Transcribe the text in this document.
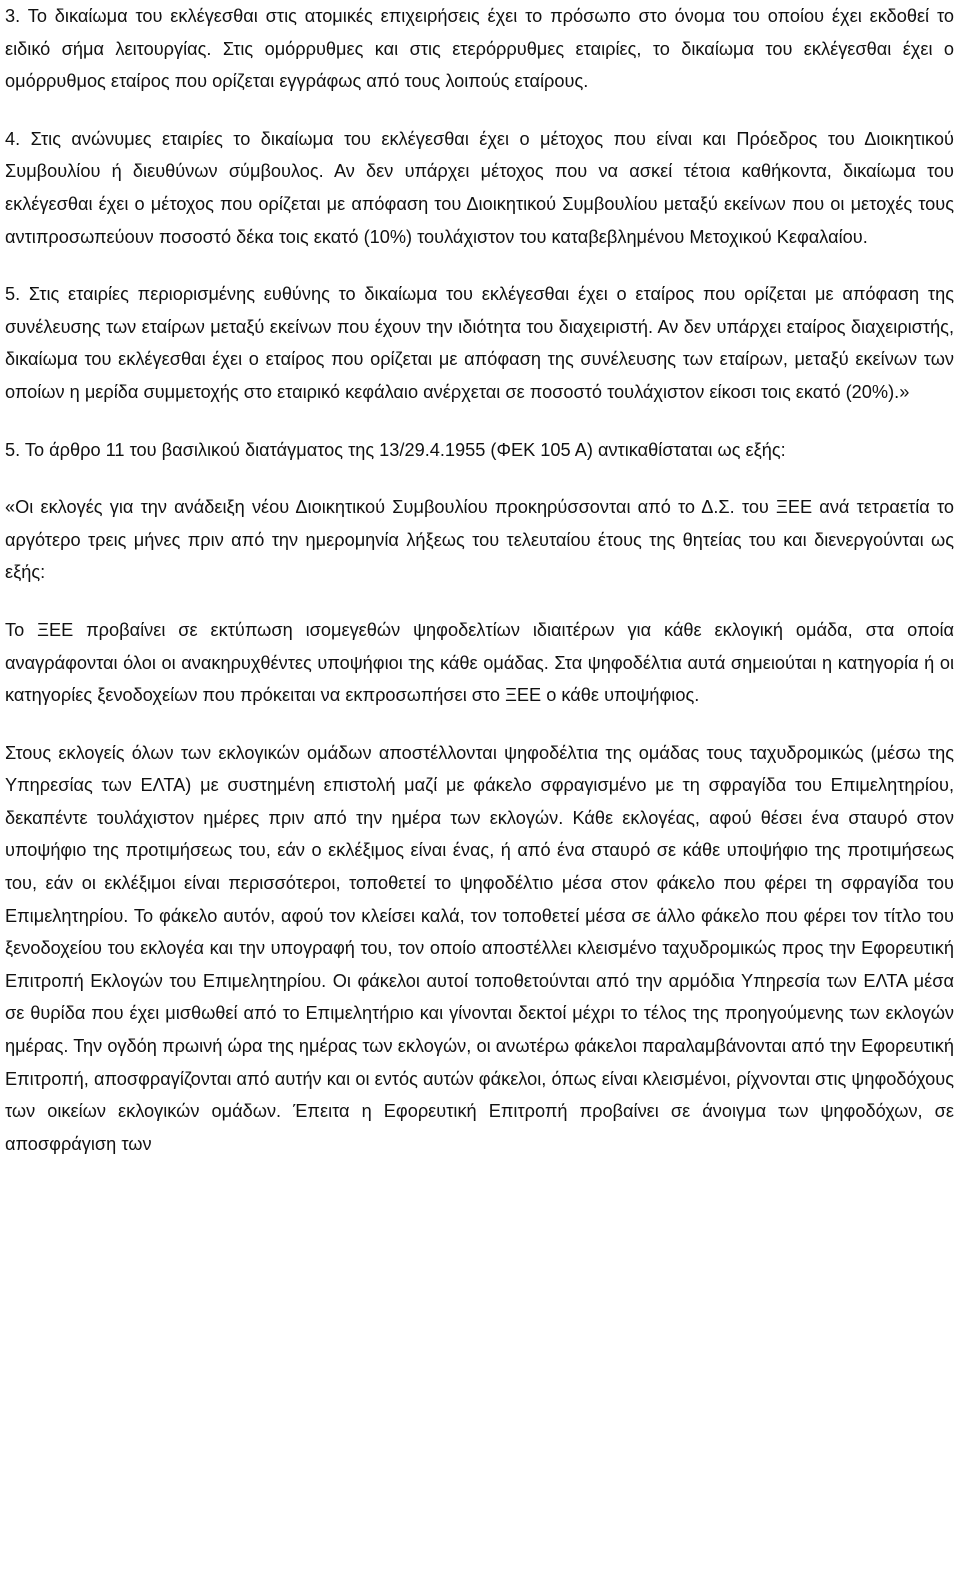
3. Το δικαίωμα του εκλέγεσθαι στις ατομικές επιχειρήσεις έχει το πρόσωπο στο όνομα του οποίου έχει εκδοθεί το ειδικό σήμα λειτουργίας. Στις ομόρρυθμες και στις ετερόρρυθμες εταιρίες, το δικαίωμα του εκλέγεσθαι έχει ο ομόρρυθμος εταίρος που ορίζεται εγγράφως από τους λοιπούς εταίρους.

4. Στις ανώνυμες εταιρίες το δικαίωμα του εκλέγεσθαι έχει ο μέτοχος που είναι και Πρόεδρος του Διοικητικού Συμβουλίου ή διευθύνων σύμβουλος. Αν δεν υπάρχει μέτοχος που να ασκεί τέτοια καθήκοντα, δικαίωμα του εκλέγεσθαι έχει ο μέτοχος που ορίζεται με απόφαση του Διοικητικού Συμβουλίου μεταξύ εκείνων που οι μετοχές τους αντιπροσωπεύουν ποσοστό δέκα τοις εκατό (10%) τουλάχιστον του καταβεβλημένου Μετοχικού Κεφαλαίου.

5. Στις εταιρίες περιορισμένης ευθύνης το δικαίωμα του εκλέγεσθαι έχει ο εταίρος που ορίζεται με απόφαση της συνέλευσης των εταίρων μεταξύ εκείνων που έχουν την ιδιότητα του διαχειριστή. Αν δεν υπάρχει εταίρος διαχειριστής, δικαίωμα του εκλέγεσθαι έχει ο εταίρος που ορίζεται με απόφαση της συνέλευσης των εταίρων, μεταξύ εκείνων των οποίων η μερίδα συμμετοχής στο εταιρικό κεφάλαιο ανέρχεται σε ποσοστό τουλάχιστον είκοσι τοις εκατό (20%).»

5. Το άρθρο 11 του βασιλικού διατάγματος της 13/29.4.1955 (ΦΕΚ 105 Α) αντικαθίσταται ως εξής:

«Οι εκλογές για την ανάδειξη νέου Διοικητικού Συμβουλίου προκηρύσσονται από το Δ.Σ. του ΞΕΕ ανά τετραετία το αργότερο τρεις μήνες πριν από την ημερομηνία λήξεως του τελευταίου έτους της θητείας του και διενεργούνται ως εξής:

Το ΞΕΕ προβαίνει σε εκτύπωση ισομεγεθών ψηφοδελτίων ιδιαιτέρων για κάθε εκλογική ομάδα, στα οποία αναγράφονται όλοι οι ανακηρυχθέντες υποψήφιοι της κάθε ομάδας. Στα ψηφοδέλτια αυτά σημειούται η κατηγορία ή οι κατηγορίες ξενοδοχείων που πρόκειται να εκπροσωπήσει στο ΞΕΕ ο κάθε υποψήφιος.

Στους εκλογείς όλων των εκλογικών ομάδων αποστέλλονται ψηφοδέλτια της ομάδας τους ταχυδρομικώς (μέσω της Υπηρεσίας των ΕΛΤΑ) με συστημένη επιστολή μαζί με φάκελο σφραγισμένο με τη σφραγίδα του Επιμελητηρίου, δεκαπέντε τουλάχιστον ημέρες πριν από την ημέρα των εκλογών. Κάθε εκλογέας, αφού θέσει ένα σταυρό στον υποψήφιο της προτιμήσεως του, εάν ο εκλέξιμος είναι ένας, ή από ένα σταυρό σε κάθε υποψήφιο της προτιμήσεως του, εάν οι εκλέξιμοι είναι περισσότεροι, τοποθετεί το ψηφοδέλτιο μέσα στον φάκελο που φέρει τη σφραγίδα του Επιμελητηρίου. Το φάκελο αυτόν, αφού τον κλείσει καλά, τον τοποθετεί μέσα σε άλλο φάκελο που φέρει τον τίτλο του ξενοδοχείου του εκλογέα και την υπογραφή του, τον οποίο αποστέλλει κλεισμένο ταχυδρομικώς προς την Εφορευτική Επιτροπή Εκλογών του Επιμελητηρίου. Οι φάκελοι αυτοί τοποθετούνται από την αρμόδια Υπηρεσία των ΕΛΤΑ μέσα σε θυρίδα που έχει μισθωθεί από το Επιμελητήριο και γίνονται δεκτοί μέχρι το τέλος της προηγούμενης των εκλογών ημέρας. Την ογδόη πρωινή ώρα της ημέρας των εκλογών, οι ανωτέρω φάκελοι παραλαμβάνονται από την Εφορευτική Επιτροπή, αποσφραγίζονται από αυτήν και οι εντός αυτών φάκελοι, όπως είναι κλεισμένοι, ρίχνονται στις ψηφοδόχους των οικείων εκλογικών ομάδων. Έπειτα η Εφορευτική Επιτροπή προβαίνει σε άνοιγμα των ψηφοδόχων, σε αποσφράγιση των
